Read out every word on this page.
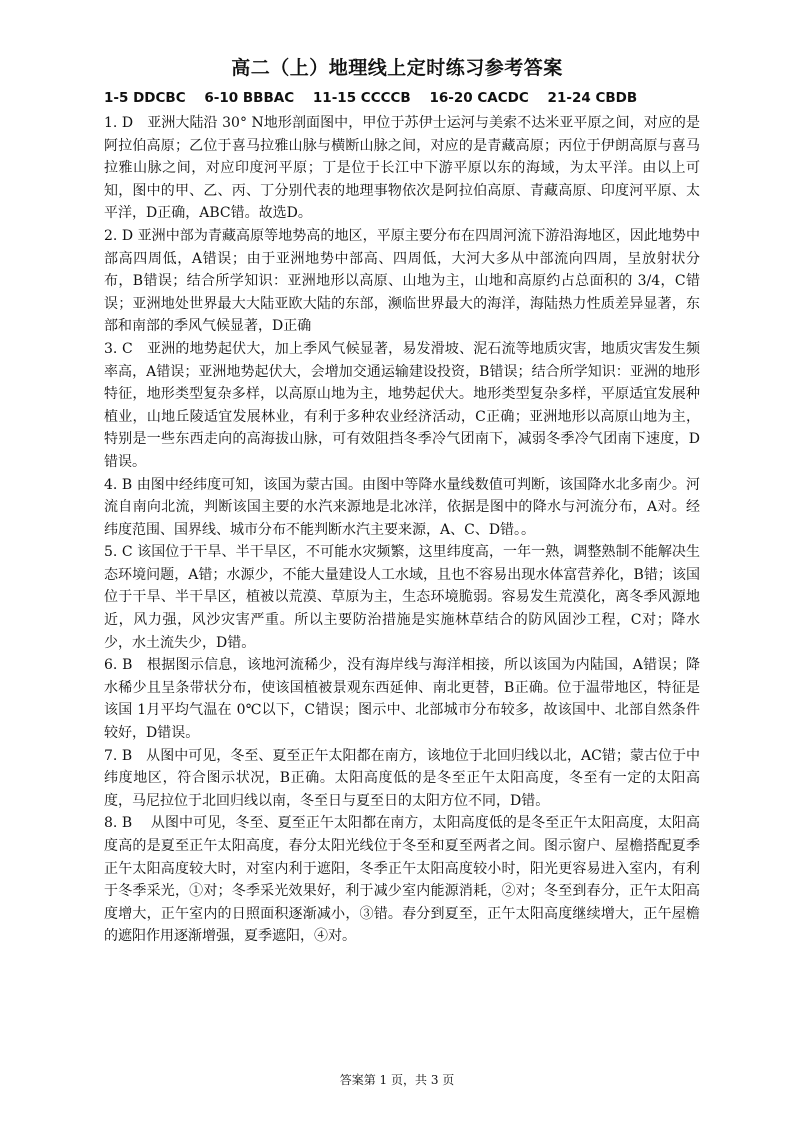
高二（上）地理线上定时练习参考答案
1-5 DDCBC    6-10 BBBAC    11-15 CCCCB    16-20 CACDC    21-24 CBDB

1. D　亚洲大陆沿 30° N地形剖面图中，甲位于苏伊士运河与美索不达米亚平原之间，对应的是阿拉伯高原；乙位于喜马拉雅山脉与横断山脉之间，对应的是青藏高原；丙位于伊朗高原与喜马拉雅山脉之间，对应印度河平原；丁是位于长江中下游平原以东的海域，为太平洋。由以上可知，图中的甲、乙、丙、丁分别代表的地理事物依次是阿拉伯高原、青藏高原、印度河平原、太平洋，D正确，ABC错。故选D。

2. D 亚洲中部为青藏高原等地势高的地区，平原主要分布在四周河流下游沿海地区，因此地势中部高四周低，A错误；由于亚洲地势中部高、四周低，大河大多从中部流向四周，呈放射状分布，B错误；结合所学知识：亚洲地形以高原、山地为主，山地和高原约占总面积的 3/4，C错误；亚洲地处世界最大大陆亚欧大陆的东部，濒临世界最大的海洋，海陆热力性质差异显著，东部和南部的季风气候显著，D正确

3. C　亚洲的地势起伏大，加上季风气候显著，易发滑坡、泥石流等地质灾害，地质灾害发生频率高，A错误；亚洲地势起伏大，会增加交通运输建设投资，B错误；结合所学知识：亚洲的地形特征，地形类型复杂多样，以高原山地为主，地势起伏大。地形类型复杂多样，平原适宜发展种植业，山地丘陵适宜发展林业，有利于多种农业经济活动，C正确；亚洲地形以高原山地为主，特别是一些东西走向的高海拔山脉，可有效阻挡冬季冷气团南下，减弱冬季冷气团南下速度，D错误。

4. B 由图中经纬度可知，该国为蒙古国。由图中等降水量线数值可判断，该国降水北多南少。河流自南向北流，判断该国主要的水汽来源地是北冰洋，依据是图中的降水与河流分布，A对。经纬度范围、国界线、城市分布不能判断水汽主要来源，A、C、D错。。

5. C 该国位于干旱、半干旱区，不可能水灾频繁，这里纬度高，一年一熟，调整熟制不能解决生态环境问题，A错；水源少，不能大量建设人工水域，且也不容易出现水体富营养化，B错；该国位于干旱、半干旱区，植被以荒漠、草原为主，生态环境脆弱。容易发生荒漠化，离冬季风源地近，风力强，风沙灾害严重。所以主要防治措施是实施林草结合的防风固沙工程，C对；降水少，水土流失少，D错。

6. B　根据图示信息，该地河流稀少，没有海岸线与海洋相接，所以该国为内陆国，A错误；降水稀少且呈条带状分布，使该国植被景观东西延伸、南北更替，B正确。位于温带地区，特征是该国 1月平均气温在 0℃以下，C错误；图示中、北部城市分布较多，故该国中、北部自然条件较好，D错误。

7. B　从图中可见，冬至、夏至正午太阳都在南方，该地位于北回归线以北，AC错；蒙古位于中纬度地区，符合图示状况，B正确。太阳高度低的是冬至正午太阳高度，冬至有一定的太阳高度，马尼拉位于北回归线以南，冬至日与夏至日的太阳方位不同，D错。

8. B　 从图中可见，冬至、夏至正午太阳都在南方，太阳高度低的是冬至正午太阳高度，太阳高度高的是夏至正午太阳高度，春分太阳光线位于冬至和夏至两者之间。图示窗户、屋檐搭配夏季正午太阳高度较大时，对室内利于遮阳，冬季正午太阳高度较小时，阳光更容易进入室内，有利于冬季采光，①对；冬季采光效果好，利于减少室内能源消耗，②对；冬至到春分，正午太阳高度增大，正午室内的日照面积逐渐减小，③错。春分到夏至，正午太阳高度继续增大，正午屋檐的遮阳作用逐渐增强，夏季遮阳，④对。

答案第 1 页，共 3 页
